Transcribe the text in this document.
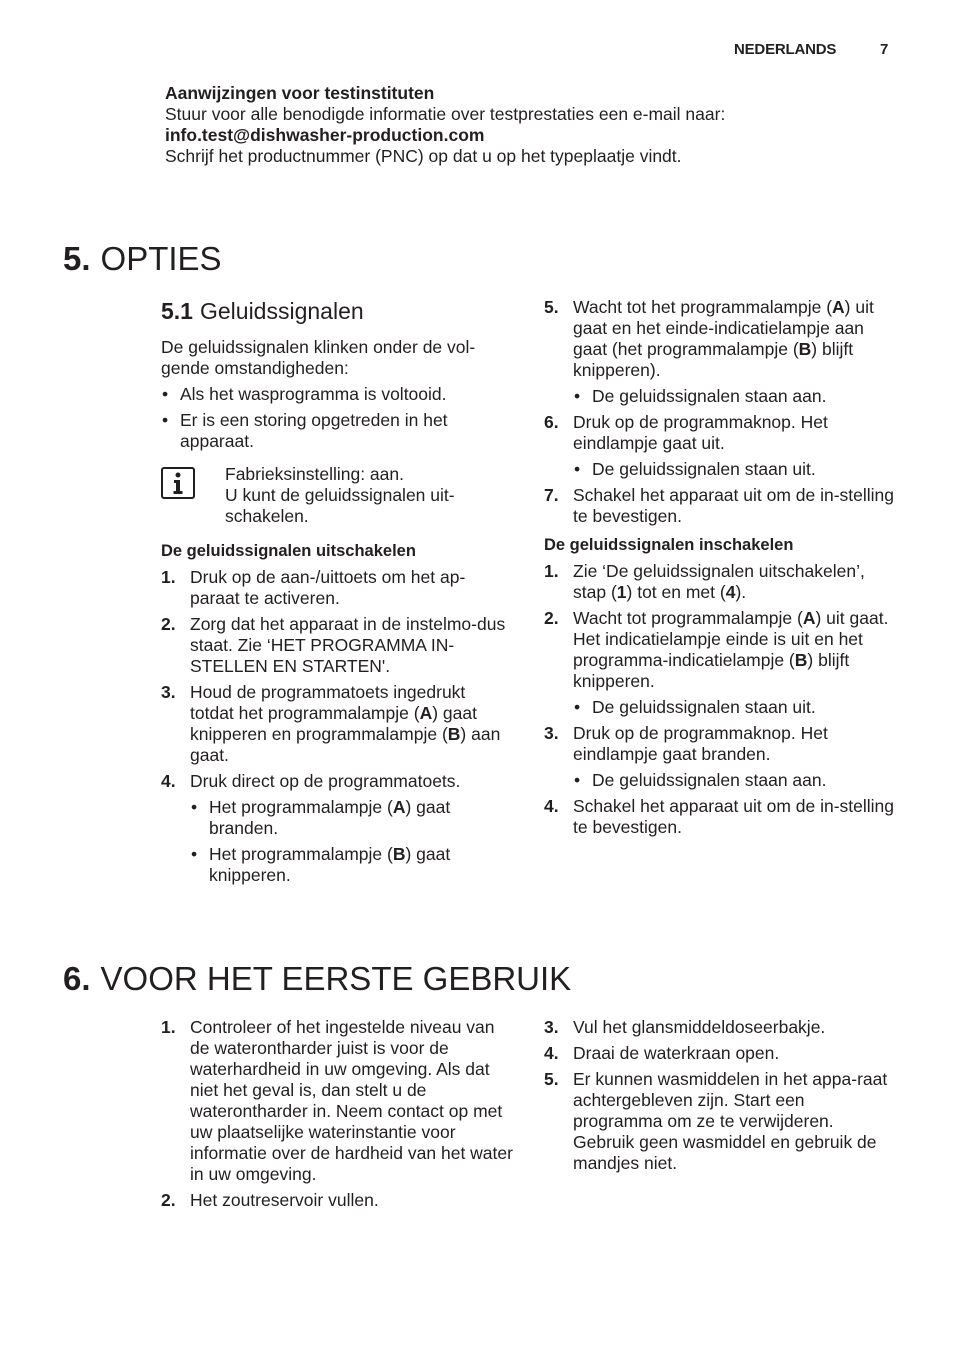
NEDERLANDS	7
Aanwijzingen voor testinstituten
Stuur voor alle benodigde informatie over testprestaties een e-mail naar:
info.test@dishwasher-production.com
Schrijf het productnummer (PNC) op dat u op het typeplaatje vindt.
5. OPTIES
5.1 Geluidssignalen

De geluidssignalen klinken onder de vol-gende omstandigheden:

• Als het wasprogramma is voltooid.
• Er is een storing opgetreden in het apparaat.
Fabrieksinstelling: aan.
U kunt de geluidssignalen uit-schakelen.
De geluidssignalen uitschakelen
1. Druk op de aan-/uittoets om het ap-paraat te activeren.
2. Zorg dat het apparaat in de instelmo-dus staat. Zie ‘HET PROGRAMMA IN-STELLEN EN STARTEN'.
3. Houd de programmatoets ingedrukt totdat het programmalampje (A) gaat knipperen en programmalampje (B) aan gaat.
4. Druk direct op de programmatoets.
• Het programmalampje (A) gaat branden.
• Het programmalampje (B) gaat knipperen.
5. Wacht tot het programmalampje (A) uit gaat en het einde-indicatielampje aan gaat (het programmalampje (B) blijft knipperen).
• De geluidssignalen staan aan.
6. Druk op de programmaknop. Het eindlampje gaat uit.
• De geluidssignalen staan uit.
7. Schakel het apparaat uit om de in-stelling te bevestigen.
De geluidssignalen inschakelen
1. Zie ‘De geluidssignalen uitschakelen’, stap (1) tot en met (4).
2. Wacht tot programmalampje (A) uit gaat. Het indicatielampje einde is uit en het programma-indicatielampje (B) blijft knipperen.
• De geluidssignalen staan uit.
3. Druk op de programmaknop. Het eindlampje gaat branden.
• De geluidssignalen staan aan.
4. Schakel het apparaat uit om de in-stelling te bevestigen.
6. VOOR HET EERSTE GEBRUIK
1. Controleer of het ingestelde niveau van de waterontharder juist is voor de waterhardheid in uw omgeving. Als dat niet het geval is, dan stelt u de waterontharder in. Neem contact op met uw plaatselijke waterinstantie voor informatie over de hardheid van het water in uw omgeving.
2. Het zoutreservoir vullen.
3. Vul het glansmiddeldoseerbakje.
4. Draai de waterkraan open.
5. Er kunnen wasmiddelen in het appa-raat achtergebleven zijn. Start een programma om ze te verwijderen. Gebruik geen wasmiddel en gebruik de mandjes niet.
